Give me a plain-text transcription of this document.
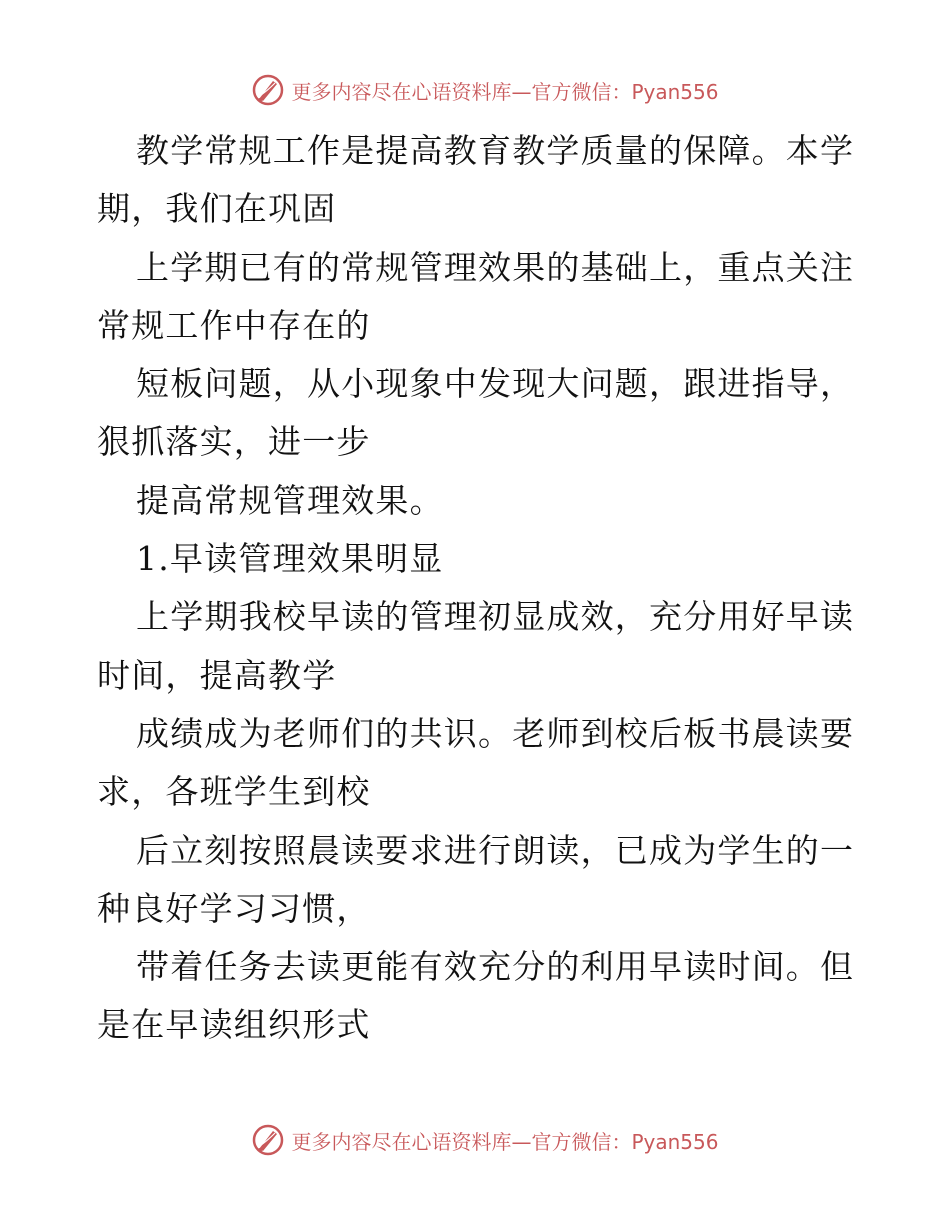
更多内容尽在心语资料库—官方微信：Pyan556
教学常规工作是提高教育教学质量的保障。本学
期，我们在巩固
上学期已有的常规管理效果的基础上，重点关注
常规工作中存在的
短板问题，从小现象中发现大问题，跟进指导，
狠抓落实，进一步
提高常规管理效果。
1.早读管理效果明显
上学期我校早读的管理初显成效，充分用好早读
时间，提高教学
成绩成为老师们的共识。老师到校后板书晨读要
求，各班学生到校
后立刻按照晨读要求进行朗读，已成为学生的一
种良好学习习惯，
带着任务去读更能有效充分的利用早读时间。但
是在早读组织形式
更多内容尽在心语资料库—官方微信：Pyan556
